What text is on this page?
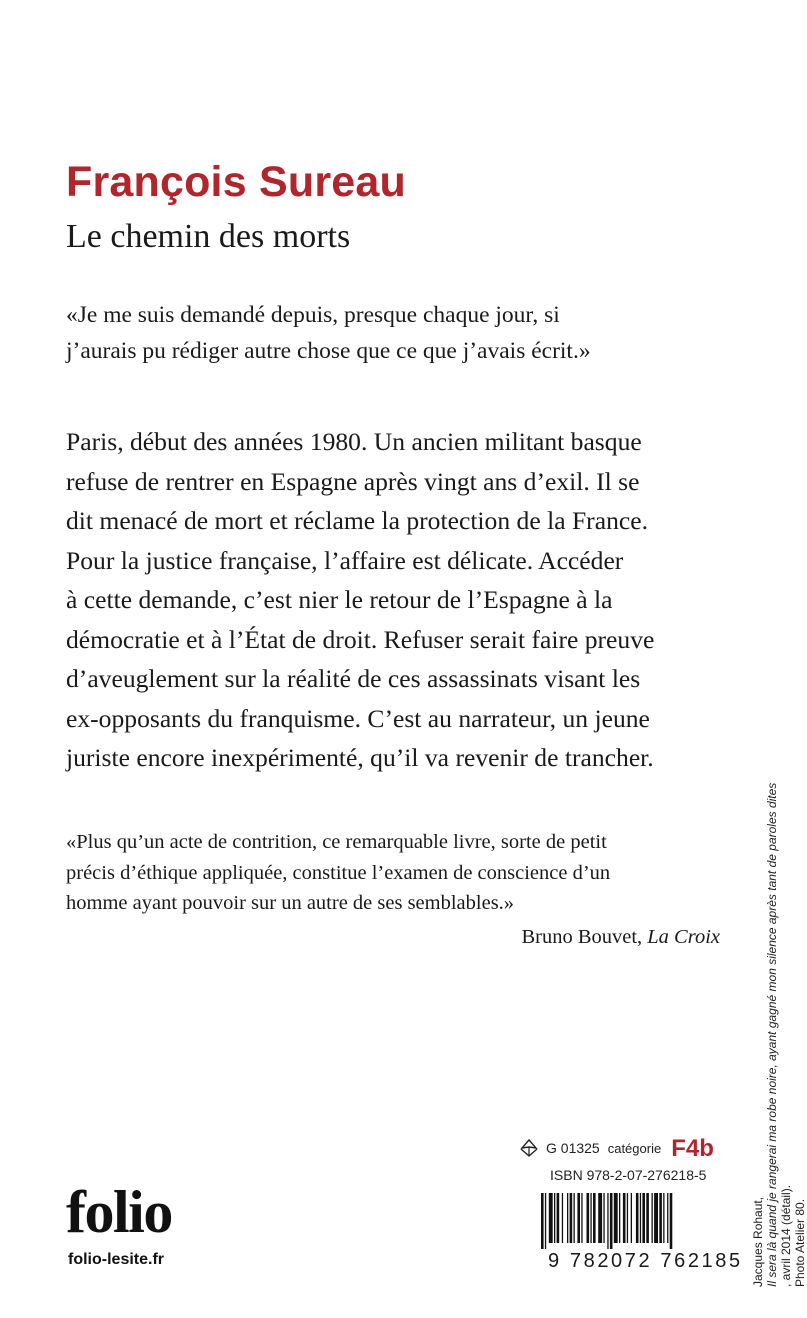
François Sureau
Le chemin des morts
«Je me suis demandé depuis, presque chaque jour, si
j’aurais pu rédiger autre chose que ce que j’avais écrit.»
Paris, début des années 1980. Un ancien militant basque
refuse de rentrer en Espagne après vingt ans d’exil. Il se
dit menacé de mort et réclame la protection de la France.
Pour la justice française, l’affaire est délicate. Accéder
à cette demande, c’est nier le retour de l’Espagne à la
démocratie et à l’État de droit. Refuser serait faire preuve
d’aveuglement sur la réalité de ces assassinats visant les
ex-opposants du franquisme. C’est au narrateur, un jeune
juriste encore inexpérimenté, qu’il va revenir de trancher.
«Plus qu’un acte de contrition, ce remarquable livre, sorte de petit
précis d’éthique appliquée, constitue l’examen de conscience d’un
homme ayant pouvoir sur un autre de ses semblables.»
Bruno Bouvet, La Croix
folio
folio-lesite.fr
G 01325 catégorie F4b
ISBN 978-2-07-276218-5
9 782072 762185 Jacques Rohaut, Il sera là quand je rangerai ma robe noire, ayant gagné mon silence après tant de paroles dites , avril 2014 (détail). Photo Atelier 80.
